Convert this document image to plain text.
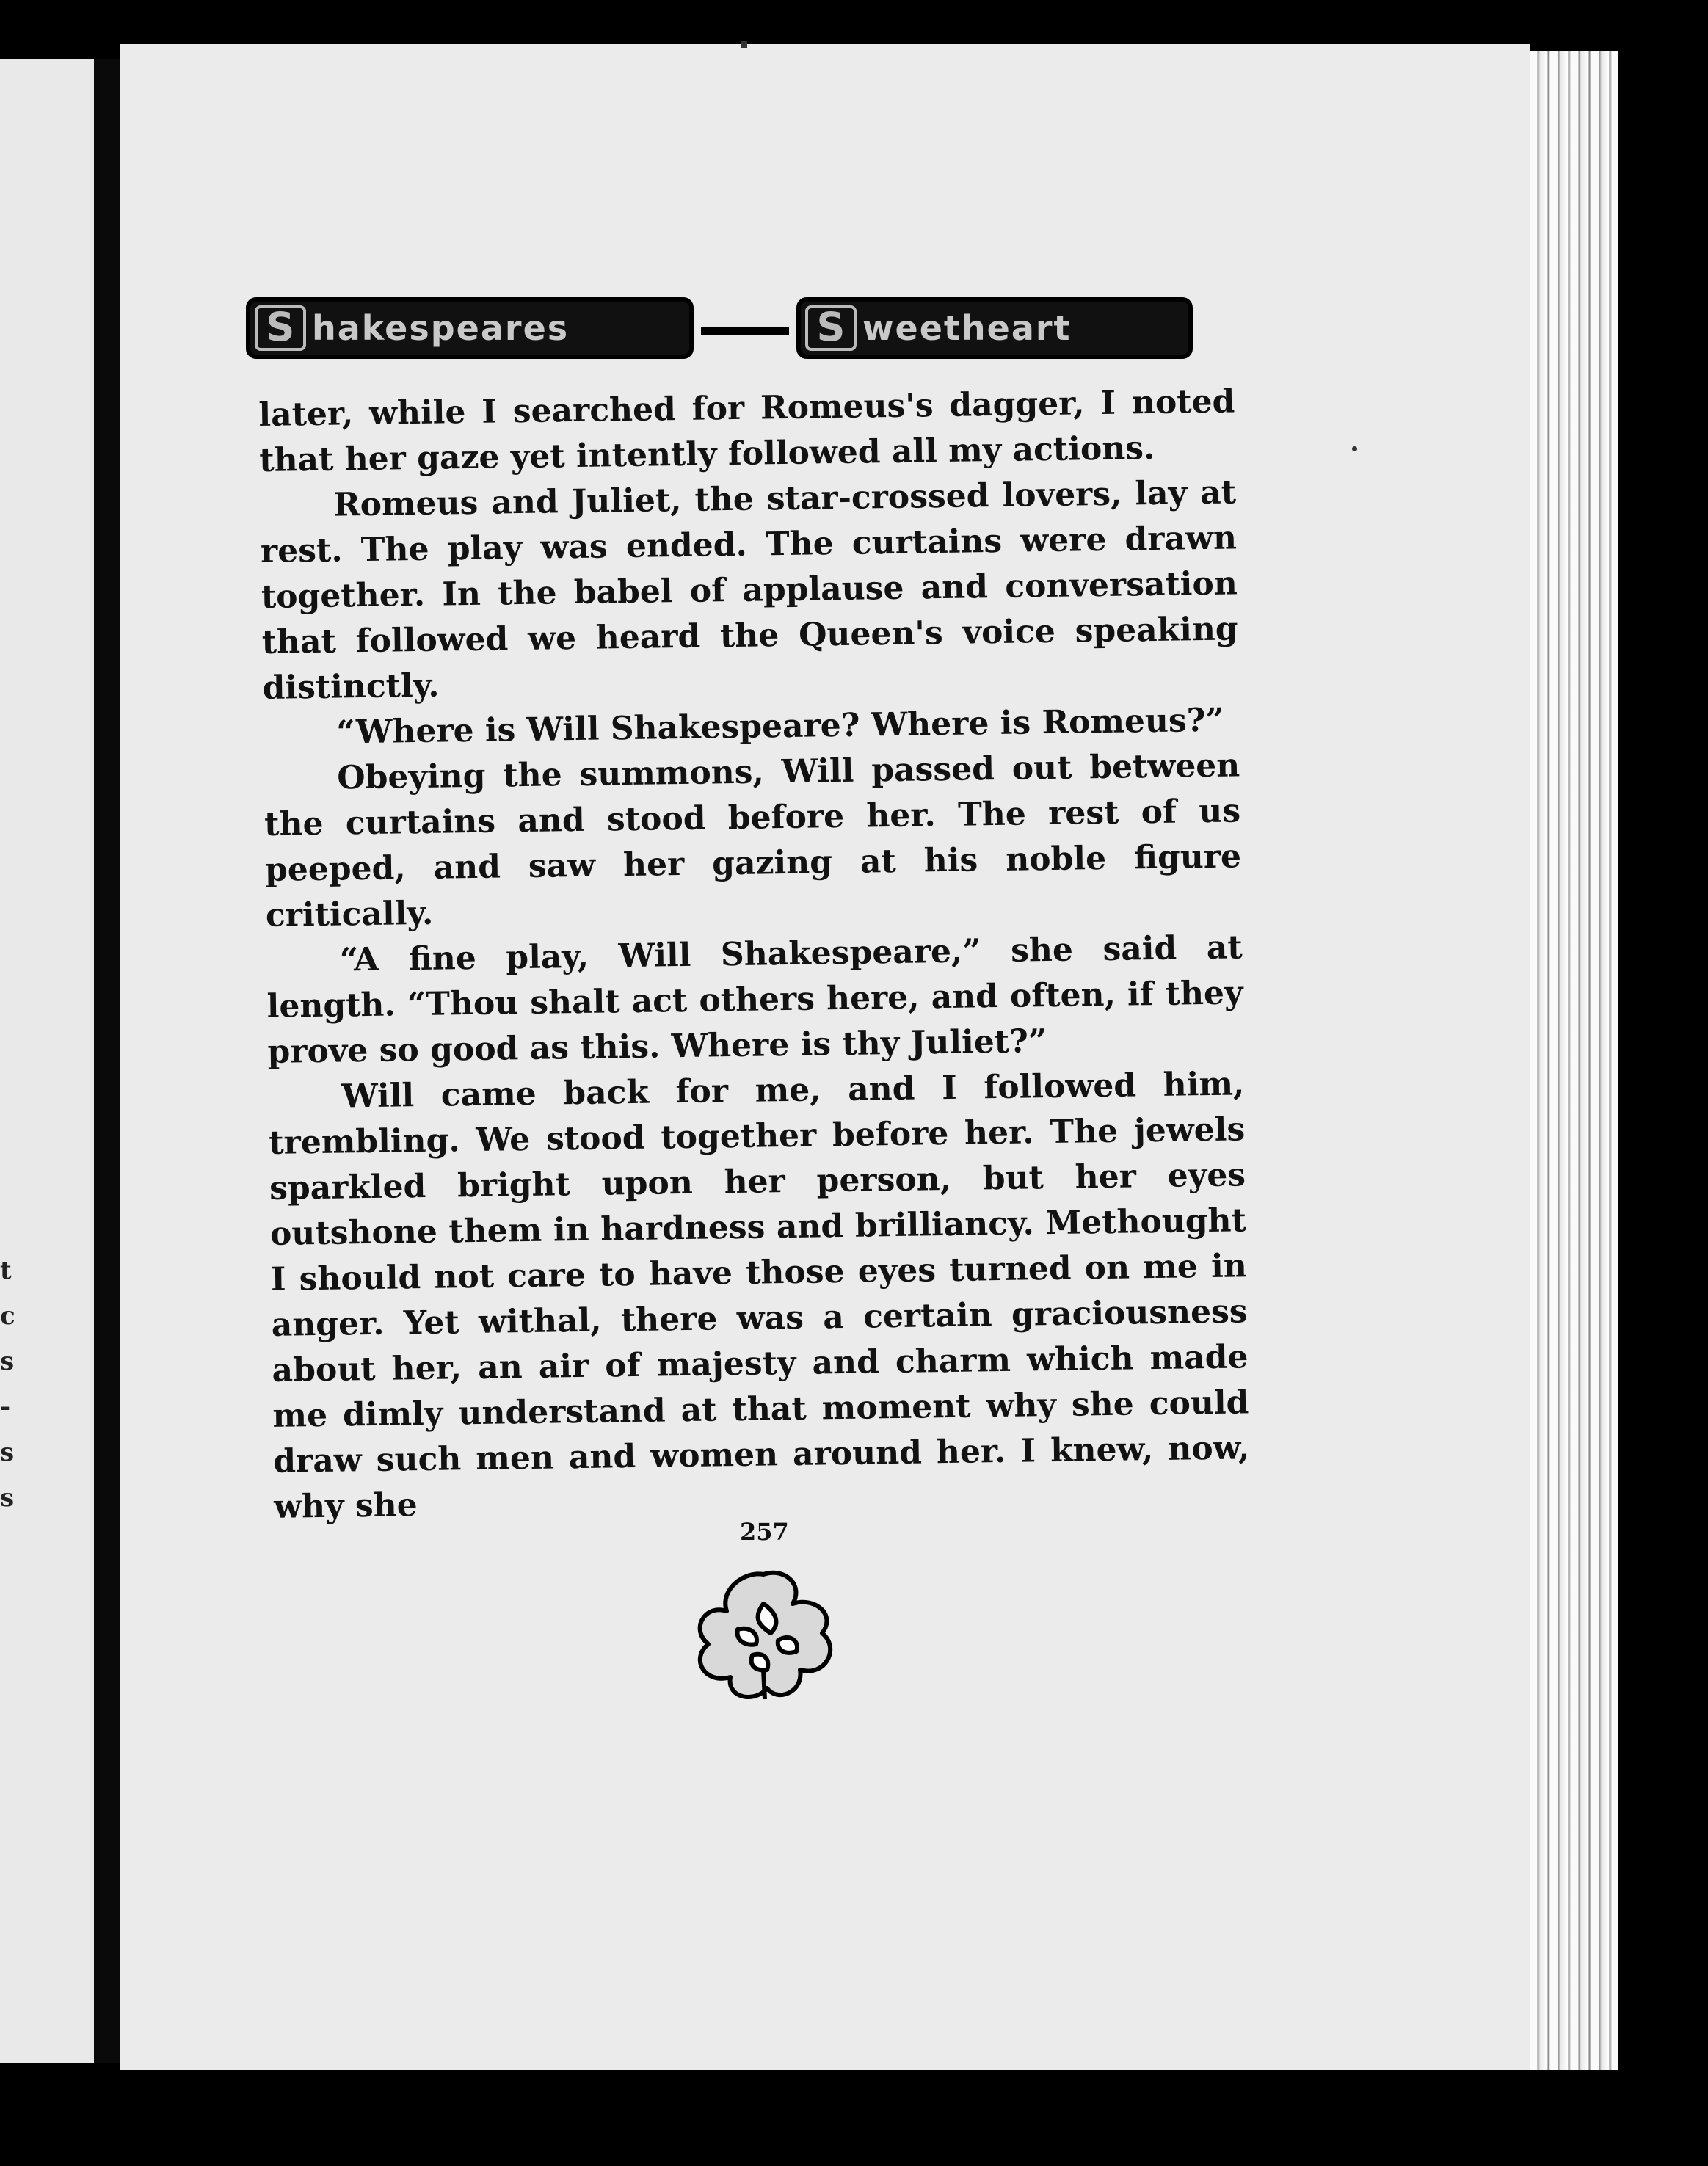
t
c
s
-
s
s
S hakespeares	S weetheart

later, while I searched for Romeus's dagger, I noted that her gaze yet intently followed all my actions.

Romeus and Juliet, the star-crossed lovers, lay at rest. The play was ended. The curtains were drawn together. In the babel of applause and conversation that followed we heard the Queen's voice speaking distinctly.

“Where is Will Shakespeare? Where is Romeus?”

Obeying the summons, Will passed out between the curtains and stood before her. The rest of us peeped, and saw her gazing at his noble figure critically.

“A fine play, Will Shakespeare,” she said at length. “Thou shalt act others here, and often, if they prove so good as this. Where is thy Juliet?”

Will came back for me, and I followed him, trembling. We stood together before her. The jewels sparkled bright upon her person, but her eyes outshone them in hardness and brilliancy. Methought I should not care to have those eyes turned on me in anger. Yet withal, there was a certain graciousness about her, an air of majesty and charm which made me dimly understand at that moment why she could draw such men and women around her. I knew, now, why she

257
